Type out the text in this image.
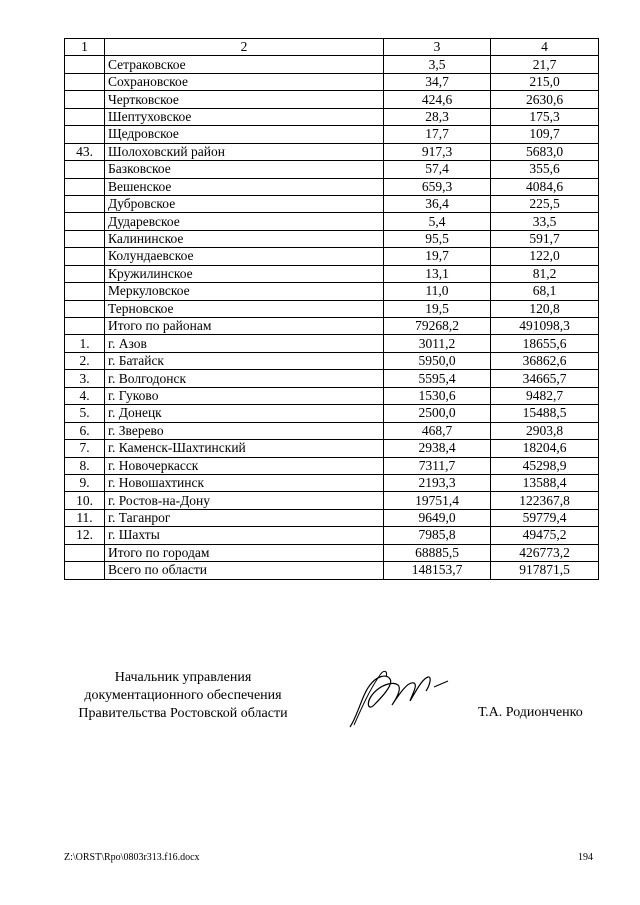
1	2	3	4
	Сетраковское	3,5	21,7
	Сохрановское	34,7	215,0
	Чертковское	424,6	2630,6
	Шептуховское	28,3	175,3
	Щедровское	17,7	109,7
43.	Шолоховский район	917,3	5683,0
	Базковское	57,4	355,6
	Вешенское	659,3	4084,6
	Дубровское	36,4	225,5
	Дударевское	5,4	33,5
	Калининское	95,5	591,7
	Колундаевское	19,7	122,0
	Кружилинское	13,1	81,2
	Меркуловское	11,0	68,1
	Терновское	19,5	120,8
	Итого по районам	79268,2	491098,3
1.	г. Азов	3011,2	18655,6
2.	г. Батайск	5950,0	36862,6
3.	г. Волгодонск	5595,4	34665,7
4.	г. Гуково	1530,6	9482,7
5.	г. Донецк	2500,0	15488,5
6.	г. Зверево	468,7	2903,8
7.	г. Каменск-Шахтинский	2938,4	18204,6
8.	г. Новочеркасск	7311,7	45298,9
9.	г. Новошахтинск	2193,3	13588,4
10.	г. Ростов-на-Дону	19751,4	122367,8
11.	г. Таганрог	9649,0	59779,4
12.	г. Шахты	7985,8	49475,2
	Итого по городам	68885,5	426773,2
	Всего по области	148153,7	917871,5
Начальник управления
документационного обеспечения
Правительства Ростовской области	Т.А. Родионченко
Z:\ORST\Rpo\0803r313.f16.docx	194
